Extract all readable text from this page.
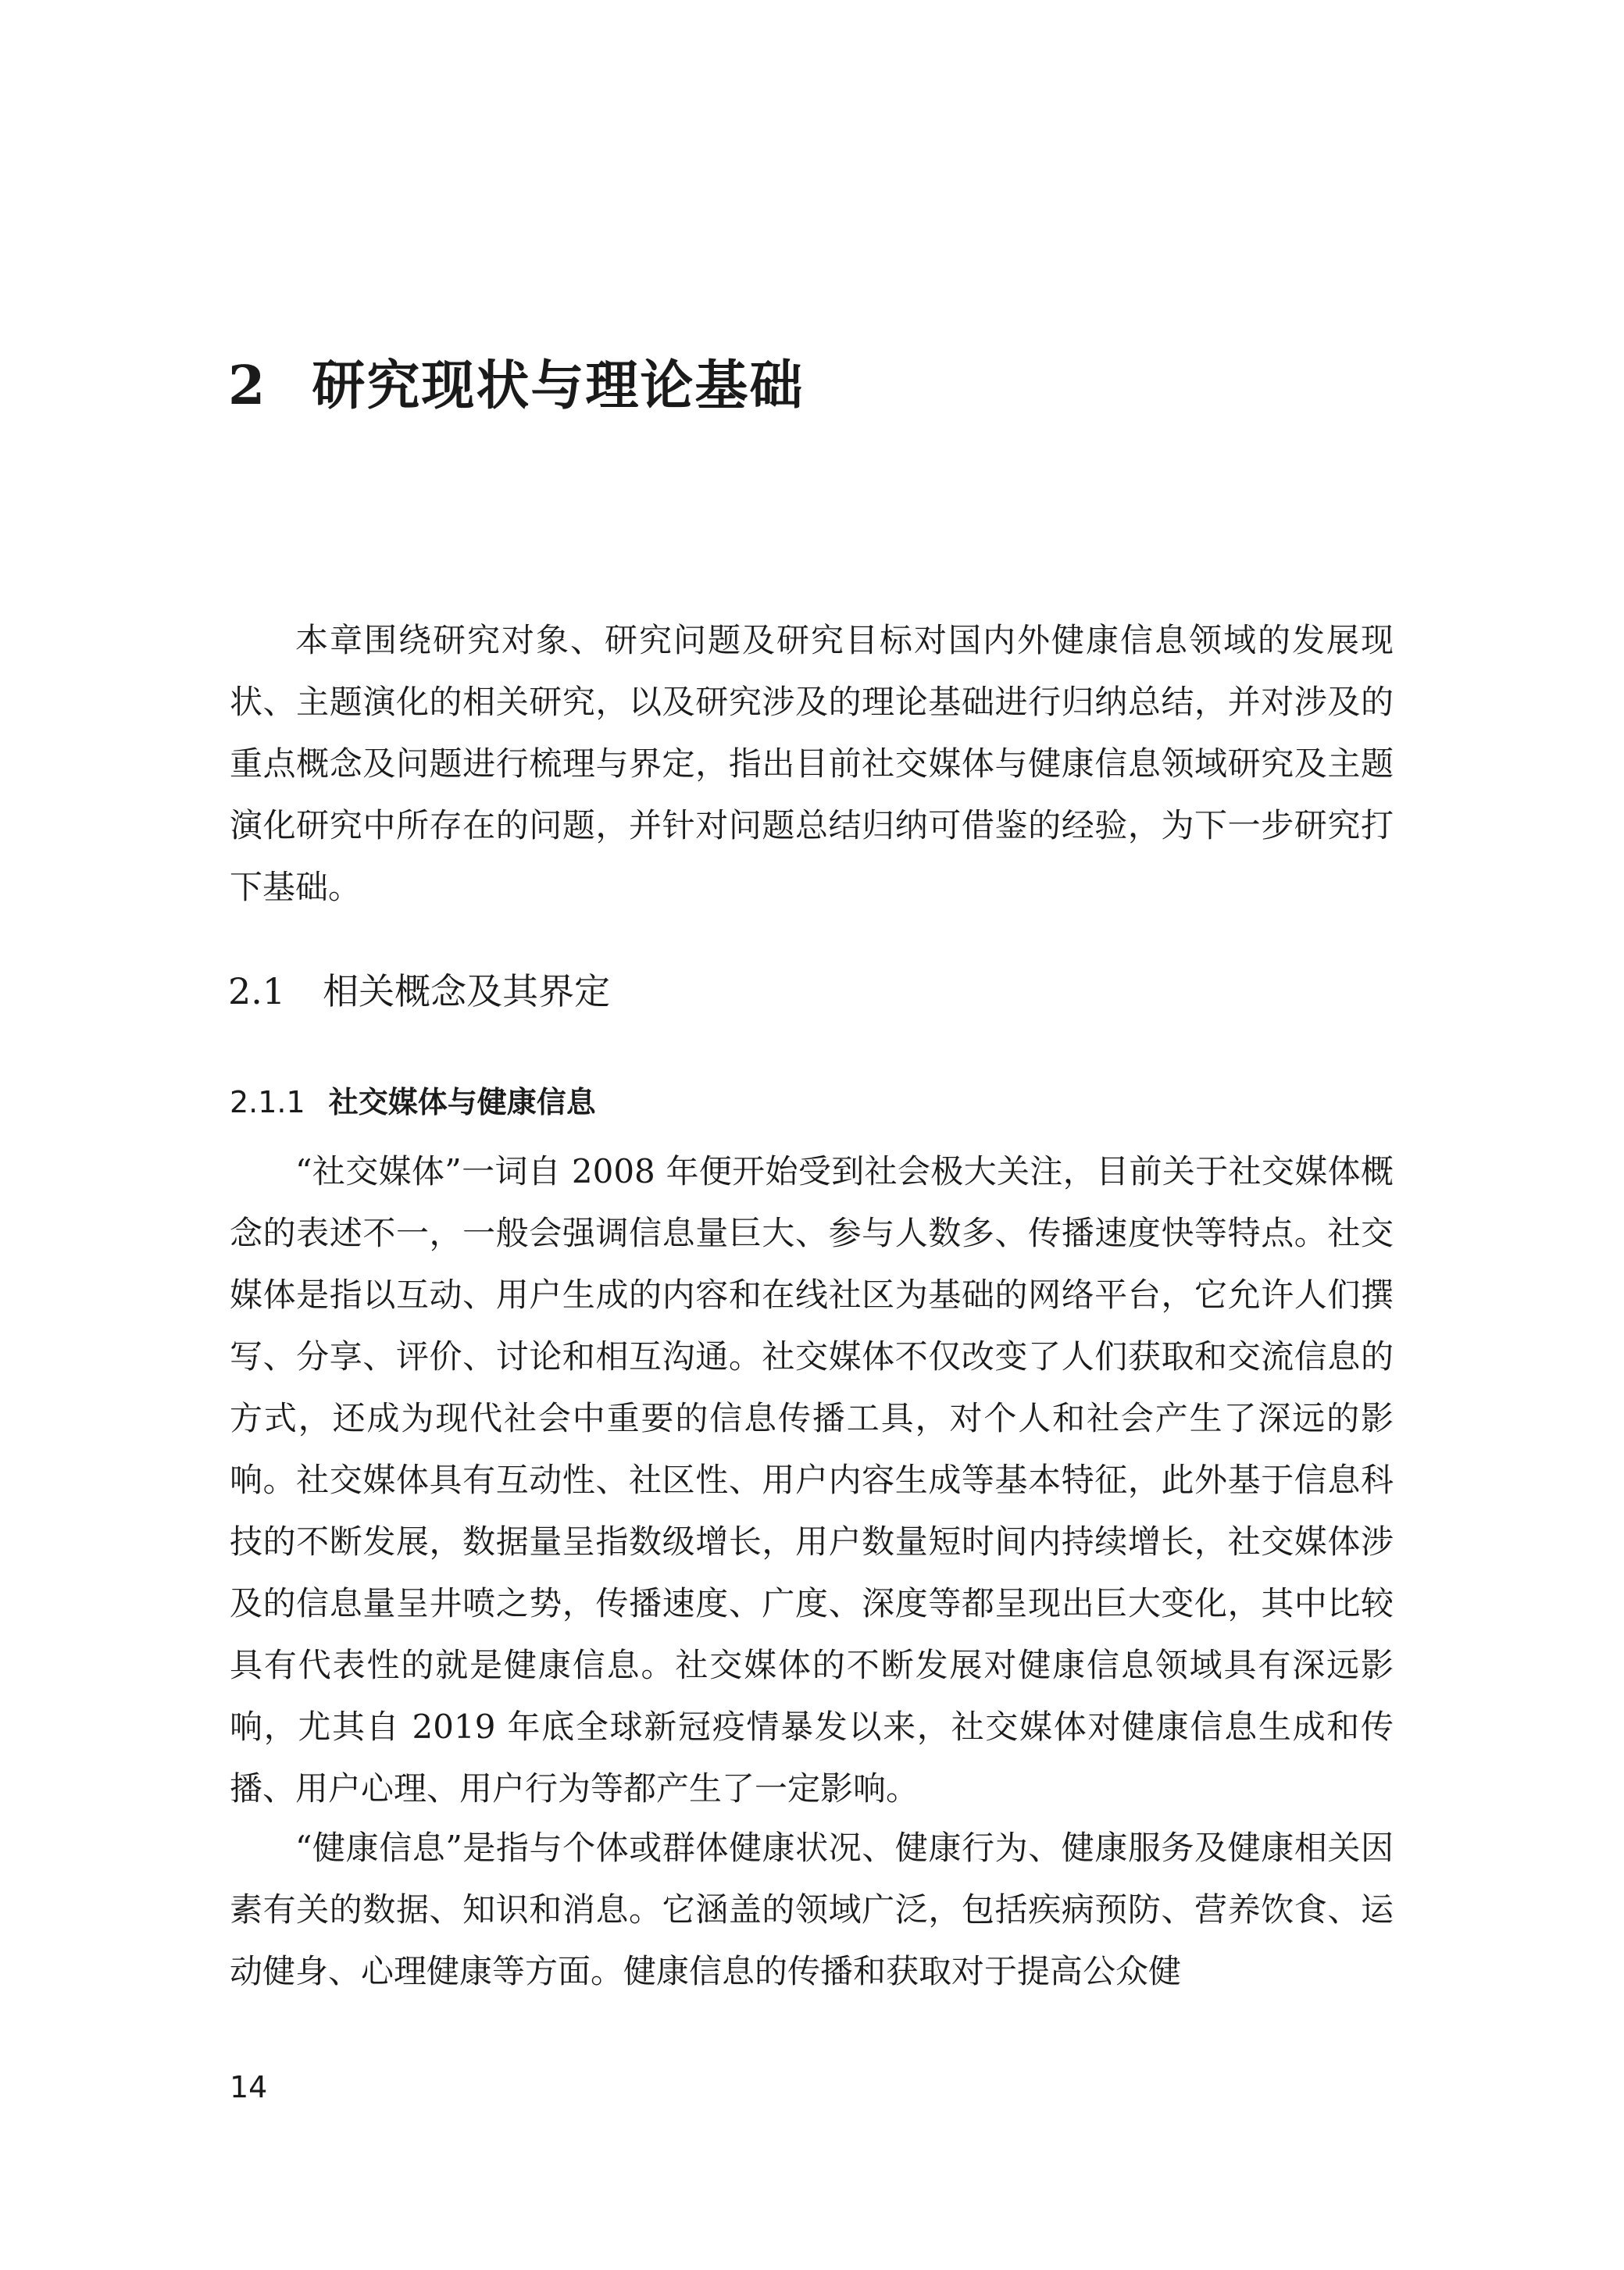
2 研究现状与理论基础

本章围绕研究对象、研究问题及研究目标对国内外健康信息领域的发展现状、主题演化的相关研究，以及研究涉及的理论基础进行归纳总结，并对涉及的重点概念及问题进行梳理与界定，指出目前社交媒体与健康信息领域研究及主题演化研究中所存在的问题，并针对问题总结归纳可借鉴的经验，为下一步研究打下基础。

2.1 相关概念及其界定
2.1.1 社交媒体与健康信息

“社交媒体”一词自 2008 年便开始受到社会极大关注，目前关于社交媒体概念的表述不一，一般会强调信息量巨大、参与人数多、传播速度快等特点。社交媒体是指以互动、用户生成的内容和在线社区为基础的网络平台，它允许人们撰写、分享、评价、讨论和相互沟通。社交媒体不仅改变了人们获取和交流信息的方式，还成为现代社会中重要的信息传播工具，对个人和社会产生了深远的影响。社交媒体具有互动性、社区性、用户内容生成等基本特征，此外基于信息科技的不断发展，数据量呈指数级增长，用户数量短时间内持续增长，社交媒体涉及的信息量呈井喷之势，传播速度、广度、深度等都呈现出巨大变化，其中比较具有代表性的就是健康信息。社交媒体的不断发展对健康信息领域具有深远影响，尤其自 2019 年底全球新冠疫情暴发以来，社交媒体对健康信息生成和传播、用户心理、用户行为等都产生了一定影响。

“健康信息”是指与个体或群体健康状况、健康行为、健康服务及健康相关因素有关的数据、知识和消息。它涵盖的领域广泛，包括疾病预防、营养饮食、运动健身、心理健康等方面。健康信息的传播和获取对于提高公众健

14
